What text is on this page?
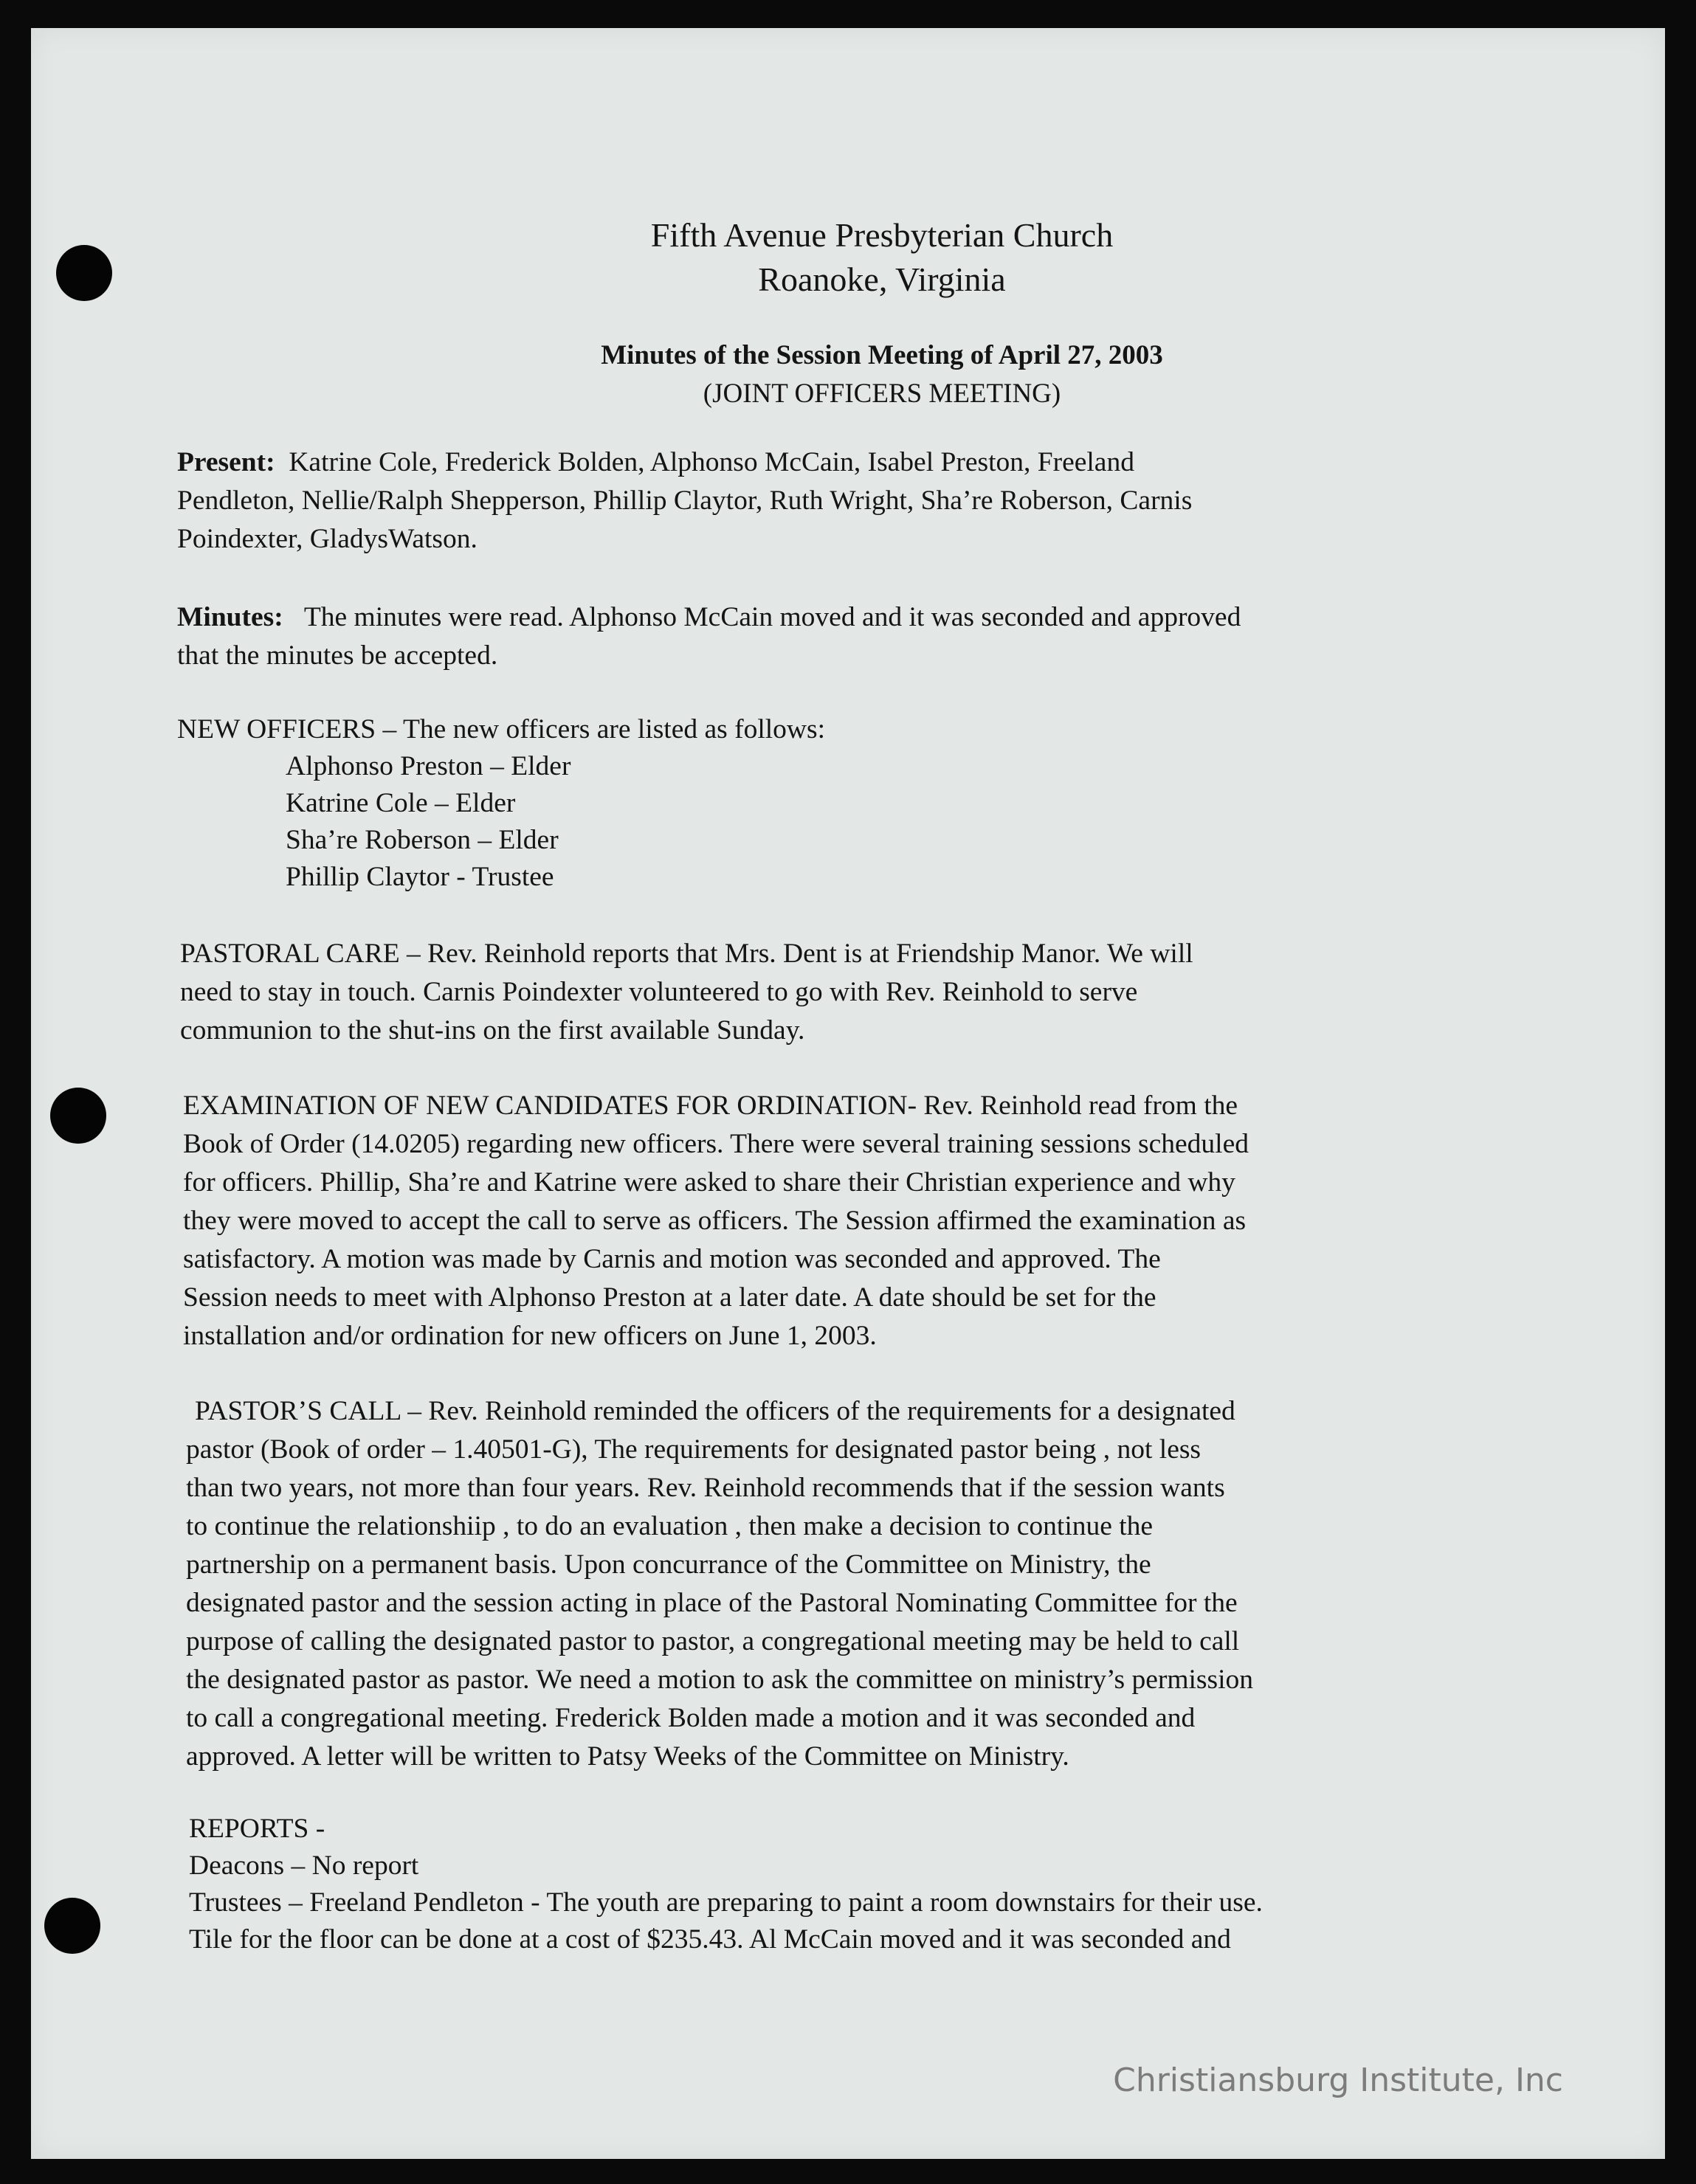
Fifth Avenue Presbyterian Church
Roanoke, Virginia
Minutes of the Session Meeting of April 27, 2003
(JOINT OFFICERS MEETING)
Present: Katrine Cole, Frederick Bolden, Alphonso McCain, Isabel Preston, Freeland
Pendleton, Nellie/Ralph Shepperson, Phillip Claytor, Ruth Wright, Sha’re Roberson, Carnis
Poindexter, GladysWatson.
Minutes: The minutes were read. Alphonso McCain moved and it was seconded and approved
that the minutes be accepted.
NEW OFFICERS – The new officers are listed as follows:
Alphonso Preston – Elder
Katrine Cole – Elder
Sha’re Roberson – Elder
Phillip Claytor - Trustee
PASTORAL CARE – Rev. Reinhold reports that Mrs. Dent is at Friendship Manor. We will
need to stay in touch. Carnis Poindexter volunteered to go with Rev. Reinhold to serve
communion to the shut-ins on the first available Sunday.
EXAMINATION OF NEW CANDIDATES FOR ORDINATION- Rev. Reinhold read from the
Book of Order (14.0205) regarding new officers. There were several training sessions scheduled
for officers. Phillip, Sha’re and Katrine were asked to share their Christian experience and why
they were moved to accept the call to serve as officers. The Session affirmed the examination as
satisfactory. A motion was made by Carnis and motion was seconded and approved. The
Session needs to meet with Alphonso Preston at a later date. A date should be set for the
installation and/or ordination for new officers on June 1, 2003.
PASTOR’S CALL – Rev. Reinhold reminded the officers of the requirements for a designated
pastor (Book of order – 1.40501-G), The requirements for designated pastor being , not less
than two years, not more than four years. Rev. Reinhold recommends that if the session wants
to continue the relationshiip , to do an evaluation , then make a decision to continue the
partnership on a permanent basis. Upon concurrance of the Committee on Ministry, the
designated pastor and the session acting in place of the Pastoral Nominating Committee for the
purpose of calling the designated pastor to pastor, a congregational meeting may be held to call
the designated pastor as pastor. We need a motion to ask the committee on ministry’s permission
to call a congregational meeting. Frederick Bolden made a motion and it was seconded and
approved. A letter will be written to Patsy Weeks of the Committee on Ministry.
REPORTS -
Deacons – No report
Trustees – Freeland Pendleton - The youth are preparing to paint a room downstairs for their use.
Tile for the floor can be done at a cost of $235.43. Al McCain moved and it was seconded and
Christiansburg Institute, Inc
